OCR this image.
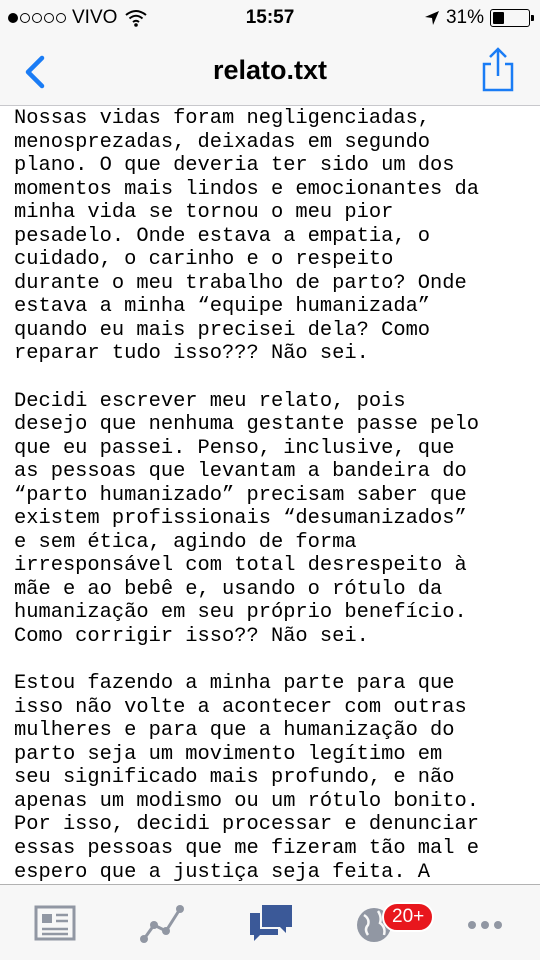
VIVO	15:57	31%
relato.txt
Nossas vidas foram negligenciadas,
menosprezadas, deixadas em segundo
plano. O que deveria ter sido um dos
momentos mais lindos e emocionantes da
minha vida se tornou o meu pior
pesadelo. Onde estava a empatia, o
cuidado, o carinho e o respeito
durante o meu trabalho de parto? Onde
estava a minha “equipe humanizada”
quando eu mais precisei dela? Como
reparar tudo isso??? Não sei.
Decidi escrever meu relato, pois
desejo que nenhuma gestante passe pelo
que eu passei. Penso, inclusive, que
as pessoas que levantam a bandeira do
“parto humanizado” precisam saber que
existem profissionais “desumanizados”
e sem ética, agindo de forma
irresponsável com total desrespeito à
mãe e ao bebê e, usando o rótulo da
humanização em seu próprio benefício.
Como corrigir isso?? Não sei.
Estou fazendo a minha parte para que
isso não volte a acontecer com outras
mulheres e para que a humanização do
parto seja um movimento legítimo em
seu significado mais profundo, e não
apenas um modismo ou um rótulo bonito.
Por isso, decidi processar e denunciar
essas pessoas que me fizeram tão mal e
espero que a justiça seja feita. A
20+
